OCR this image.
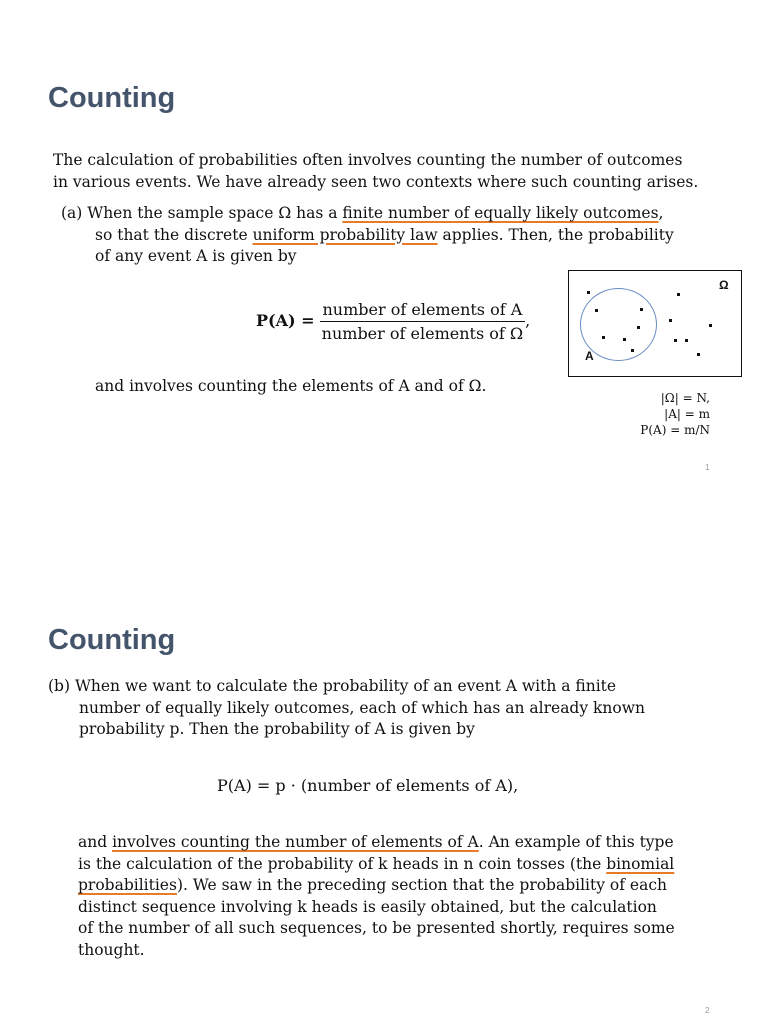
Counting
The calculation of probabilities often involves counting the number of outcomes
in various events. We have already seen two contexts where such counting arises.
(a) When the sample space Ω has a finite number of equally likely outcomes,
so that the discrete uniform probability law applies. Then, the probability
of any event A is given by
$P(A) = \frac{\text{number of elements of A}}{\text{number of elements of Ω}}$ ,
and involves counting the elements of A and of Ω.
Ω
A
|Ω| = N,
|A| = m
P(A) = m/N
1
Counting
(b) When we want to calculate the probability of an event A with a finite
number of equally likely outcomes, each of which has an already known
probability p. Then the probability of A is given by
P(A) = p · (number of elements of A),
and involves counting the number of elements of A. An example of this type
is the calculation of the probability of k heads in n coin tosses (the binomial
probabilities). We saw in the preceding section that the probability of each
distinct sequence involving k heads is easily obtained, but the calculation
of the number of all such sequences, to be presented shortly, requires some
thought.
2
